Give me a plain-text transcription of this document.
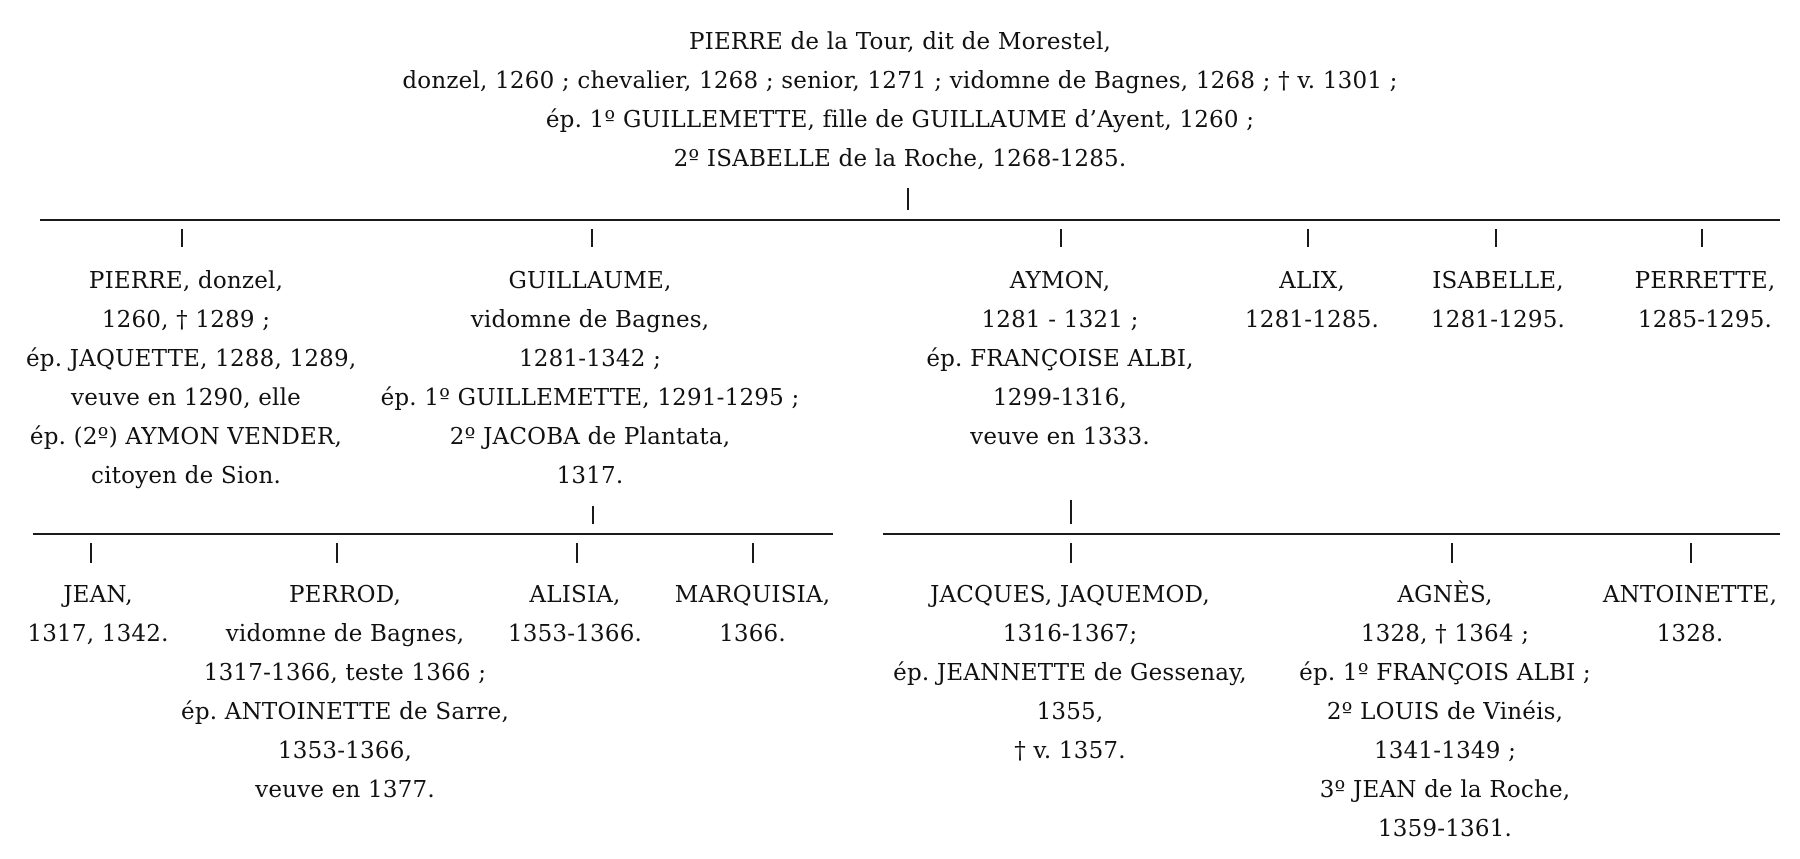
PIERRE de la Tour, dit de Morestel,
donzel, 1260 ; chevalier, 1268 ; senior, 1271 ; vidomne de Bagnes, 1268 ; † v. 1301 ;
ép. 1º GUILLEMETTE, fille de GUILLAUME d’Ayent, 1260 ;
2º ISABELLE de la Roche, 1268-1285.
PIERRE, donzel,
1260, † 1289 ;
ép. JAQUETTE, 1288, 1289,
veuve en 1290, elle
ép. (2º) AYMON VENDER,
citoyen de Sion.
GUILLAUME,
vidomne de Bagnes,
1281-1342 ;
ép. 1º GUILLEMETTE, 1291-1295 ;
2º JACOBA de Plantata,
1317.
AYMON,
1281 - 1321 ;
ép. FRANÇOISE ALBI,
1299-1316,
veuve en 1333.
ALIX,
1281-1285.
ISABELLE,
1281-1295.
PERRETTE,
1285-1295.
JEAN,
1317, 1342.
PERROD,
vidomne de Bagnes,
1317-1366, teste 1366 ;
ép. ANTOINETTE de Sarre,
1353-1366,
veuve en 1377.
ALISIA,
1353-1366.
MARQUISIA,
1366.
JACQUES, JAQUEMOD,
1316-1367;
ép. JEANNETTE de Gessenay,
1355,
† v. 1357.
AGNÈS,
1328, † 1364 ;
ép. 1º FRANÇOIS ALBI ;
2º LOUIS de Vinéis,
1341-1349 ;
3º JEAN de la Roche,
1359-1361.
ANTOINETTE,
1328.
